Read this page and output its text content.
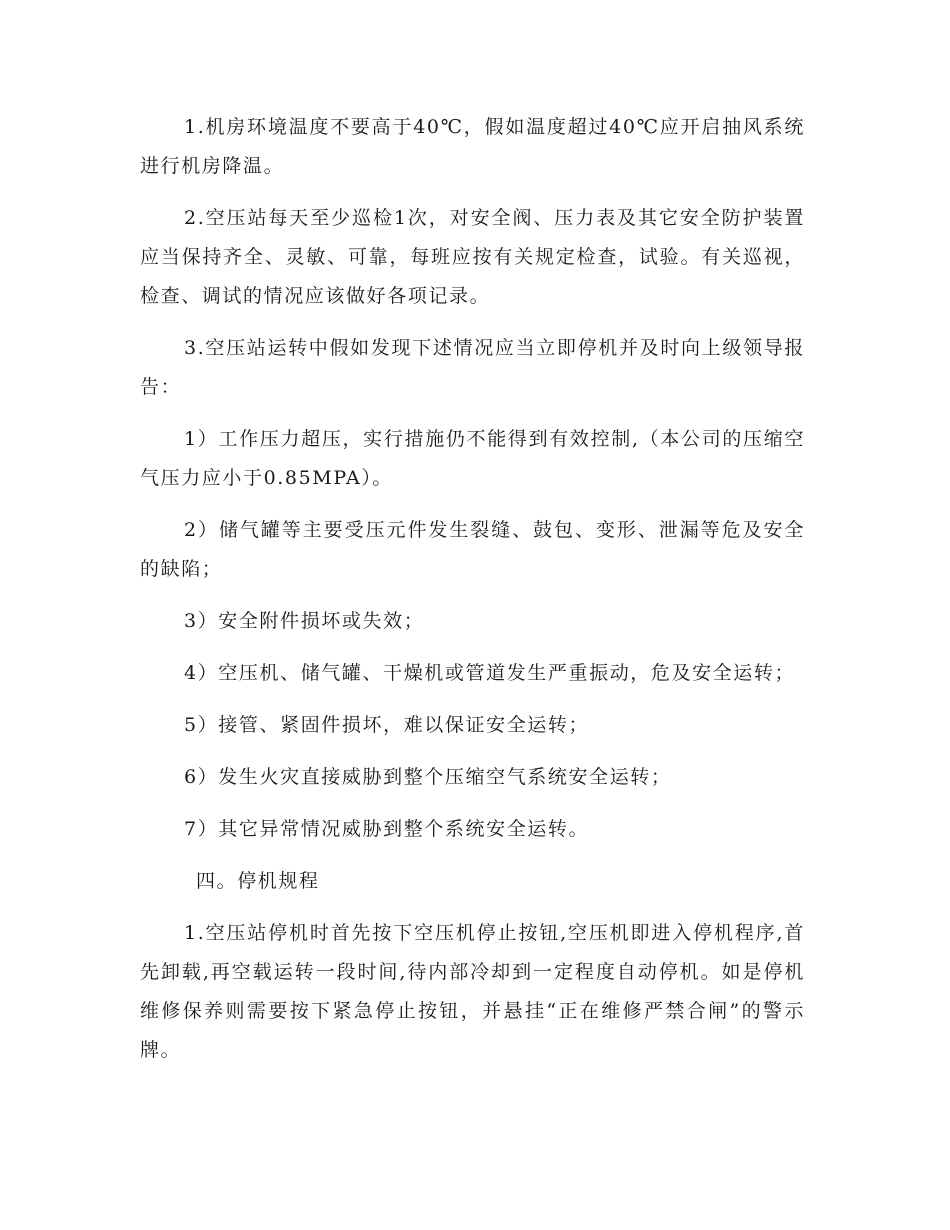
1.机房环境温度不要高于40℃，假如温度超过40℃应开启抽风系统进行机房降温。

2.空压站每天至少巡检1次，对安全阀、压力表及其它安全防护装置应当保持齐全、灵敏、可靠，每班应按有关规定检查，试验。有关巡视，检查、调试的情况应该做好各项记录。

3.空压站运转中假如发现下述情况应当立即停机并及时向上级领导报告：

1）工作压力超压，实行措施仍不能得到有效控制,（本公司的压缩空气压力应小于0.85MPA）。

2）储气罐等主要受压元件发生裂缝、鼓包、变形、泄漏等危及安全的缺陷；

3）安全附件损坏或失效；

4）空压机、储气罐、干燥机或管道发生严重振动，危及安全运转；

5）接管、紧固件损坏，难以保证安全运转；

6）发生火灾直接威胁到整个压缩空气系统安全运转；

7）其它异常情况威胁到整个系统安全运转。

四。停机规程

1.空压站停机时首先按下空压机停止按钮,空压机即进入停机程序,首先卸载,再空载运转一段时间,待内部冷却到一定程度自动停机。如是停机维修保养则需要按下紧急停止按钮，并悬挂“正在维修严禁合闸”的警示牌。
